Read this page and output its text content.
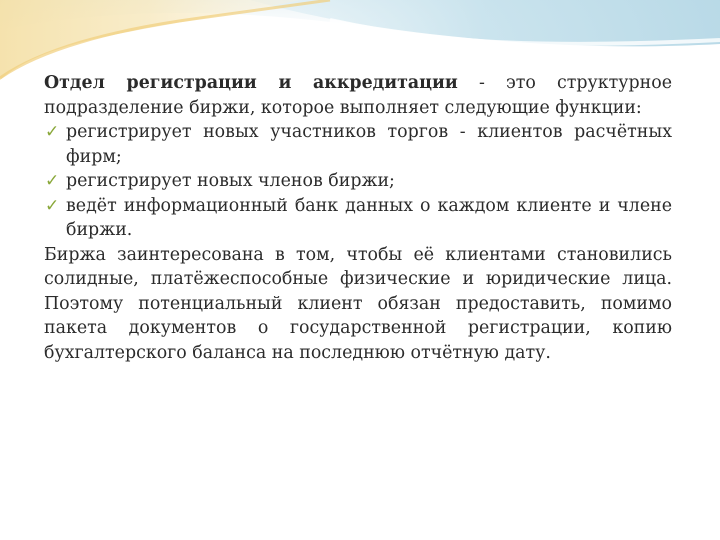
Отдел регистрации и аккредитации - это структурное подразделение биржи, которое выполняет следующие функции:

✓ регистрирует новых участников торгов - клиентов расчётных фирм;
✓ регистрирует новых членов биржи;
✓ ведёт информационный банк данных о каждом клиенте и члене биржи.

Биржа заинтересована в том, чтобы её клиентами становились солидные, платёжеспособные физические и юридические лица. Поэтому потенциальный клиент обязан предоставить, помимо пакета документов о государственной регистрации, копию бухгалтерского баланса на последнюю отчётную дату.
